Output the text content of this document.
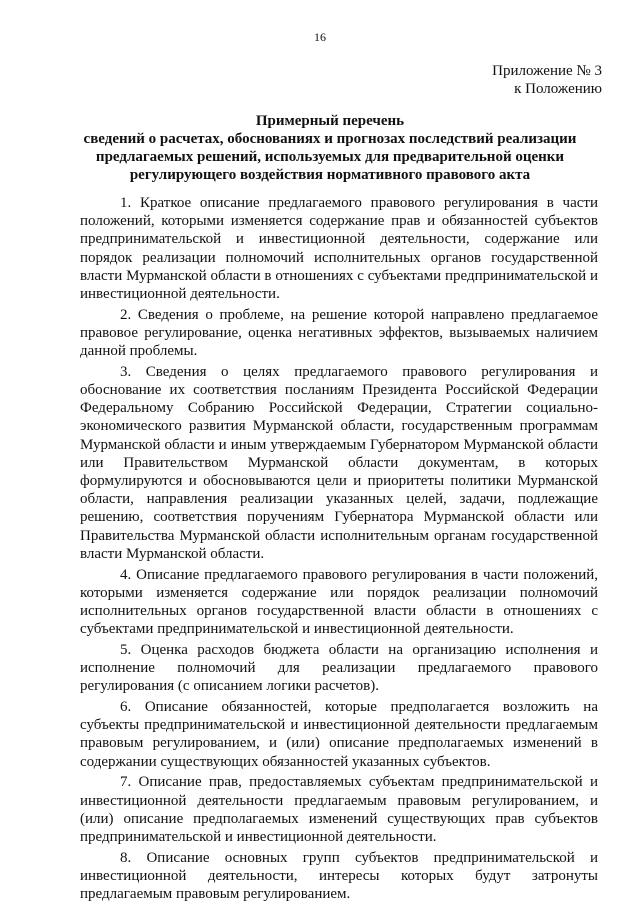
16
Приложение № 3
к Положению
Примерный перечень
сведений о расчетах, обоснованиях и прогнозах последствий реализации
предлагаемых решений, используемых для предварительной оценки
регулирующего воздействия нормативного правового акта

1. Краткое описание предлагаемого правового регулирования в части положений, которыми изменяется содержание прав и обязанностей субъектов предпринимательской и инвестиционной деятельности, содержание или порядок реализации полномочий исполнительных органов государственной власти Мурманской области в отношениях с субъектами предпринимательской и инвестиционной деятельности.

2. Сведения о проблеме, на решение которой направлено предлагаемое правовое регулирование, оценка негативных эффектов, вызываемых наличием данной проблемы.

3. Сведения о целях предлагаемого правового регулирования и обоснование их соответствия посланиям Президента Российской Федерации Федеральному Собранию Российской Федерации, Стратегии социально-экономического развития Мурманской области, государственным программам Мурманской области и иным утверждаемым Губернатором Мурманской области или Правительством Мурманской области документам, в которых формулируются и обосновываются цели и приоритеты политики Мурманской области, направления реализации указанных целей, задачи, подлежащие решению, соответствия поручениям Губернатора Мурманской области или Правительства Мурманской области исполнительным органам государственной власти Мурманской области.

4. Описание предлагаемого правового регулирования в части положений, которыми изменяется содержание или порядок реализации полномочий исполнительных органов государственной власти области в отношениях с субъектами предпринимательской и инвестиционной деятельности.

5. Оценка расходов бюджета области на организацию исполнения и исполнение полномочий для реализации предлагаемого правового регулирования (с описанием логики расчетов).

6. Описание обязанностей, которые предполагается возложить на субъекты предпринимательской и инвестиционной деятельности предлагаемым правовым регулированием, и (или) описание предполагаемых изменений в содержании существующих обязанностей указанных субъектов.

7. Описание прав, предоставляемых субъектам предпринимательской и инвестиционной деятельности предлагаемым правовым регулированием, и (или) описание предполагаемых изменений существующих прав субъектов предпринимательской и инвестиционной деятельности.

8. Описание основных групп субъектов предпринимательской и инвестиционной деятельности, интересы которых будут затронуты предлагаемым правовым регулированием.
